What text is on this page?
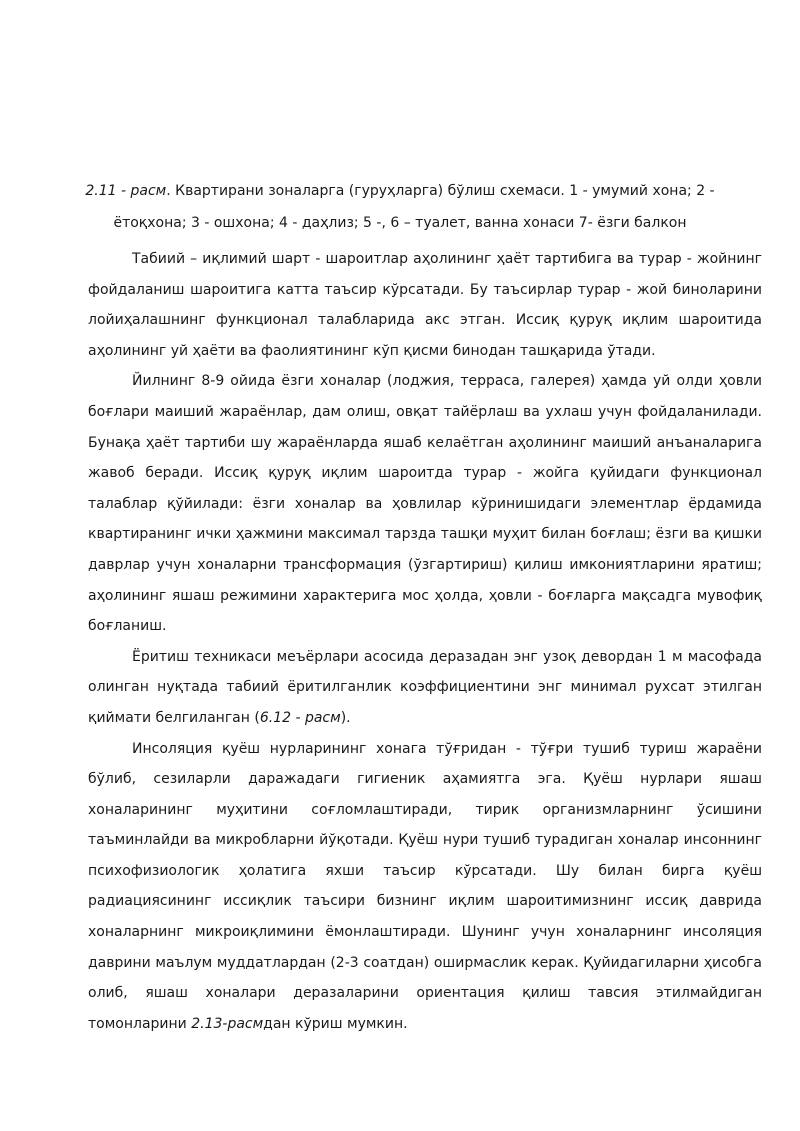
2.11 - расм. Квартирани зоналарга (гуруҳларга) бўлиш схемаси. 1 - умумий хона; 2 - ётоқхона; 3 - ошхона; 4 - даҳлиз; 5 -, 6 – туалет, ванна хонаси 7- ёзги балкон

Табиий – иқлимий шарт - шароитлар аҳолининг ҳаёт тартибига ва турар - жойнинг фойдаланиш шароитига катта таъсир кўрсатади. Бу таъсирлар турар - жой биноларини лойиҳалашнинг функционал талабларида акс этган. Иссиқ қуруқ иқлим шароитида аҳолининг уй ҳаёти ва фаолиятининг кўп қисми бинодан ташқарида ўтади.

Йилнинг 8-9 ойида ёзги хоналар (лоджия, терраса, галерея) ҳамда уй олди ҳовли боғлари маиший жараёнлар, дам олиш, овқат тайёрлаш ва ухлаш учун фойдаланилади. Бунақа ҳаёт тартиби шу жараёнларда яшаб келаётган аҳолининг маиший анъаналарига жавоб беради. Иссиқ қуруқ иқлим шароитда турар - жойга қуйидаги функционал талаблар қўйилади: ёзги хоналар ва ҳовлилар кўринишидаги элементлар ёрдамида квартиранинг ички ҳажмини максимал тарзда ташқи муҳит билан боғлаш; ёзги ва қишки даврлар учун хоналарни трансформация (ўзгартириш) қилиш имкониятларини яратиш; аҳолининг яшаш режимини характерига мос ҳолда, ҳовли - боғларга мақсадга мувофиқ боғланиш.

Ёритиш техникаси меъёрлари асосида деразадан энг узоқ девордан 1 м масофада олинган нуқтада табиий ёритилганлик коэффициентини энг минимал рухсат этилган қиймати белгиланган (6.12 - расм).

Инсоляция қуёш нурларининг хонага тўғридан - тўғри тушиб туриш жараёни бўлиб, сезиларли даражадаги гигиеник аҳамиятга эга. Қуёш нурлари яшаш хоналарининг муҳитини соғломлаштиради, тирик организмларнинг ўсишини таъминлайди ва микробларни йўқотади. Қуёш нури тушиб турадиган хоналар инсоннинг психофизиологик ҳолатига яхши таъсир кўрсатади. Шу билан бирга қуёш радиациясининг иссиқлик таъсири бизнинг иқлим шароитимизнинг иссиқ даврида хоналарнинг микроиқлимини ёмонлаштиради. Шунинг учун хоналарнинг инсоляция даврини маълум муддатлардан (2-3 соатдан) оширмаслик керак. Қуйидагиларни ҳисобга олиб, яшаш хоналари деразаларини ориентация қилиш тавсия этилмайдиган томонларини 2.13-расмдан кўриш мумкин.
